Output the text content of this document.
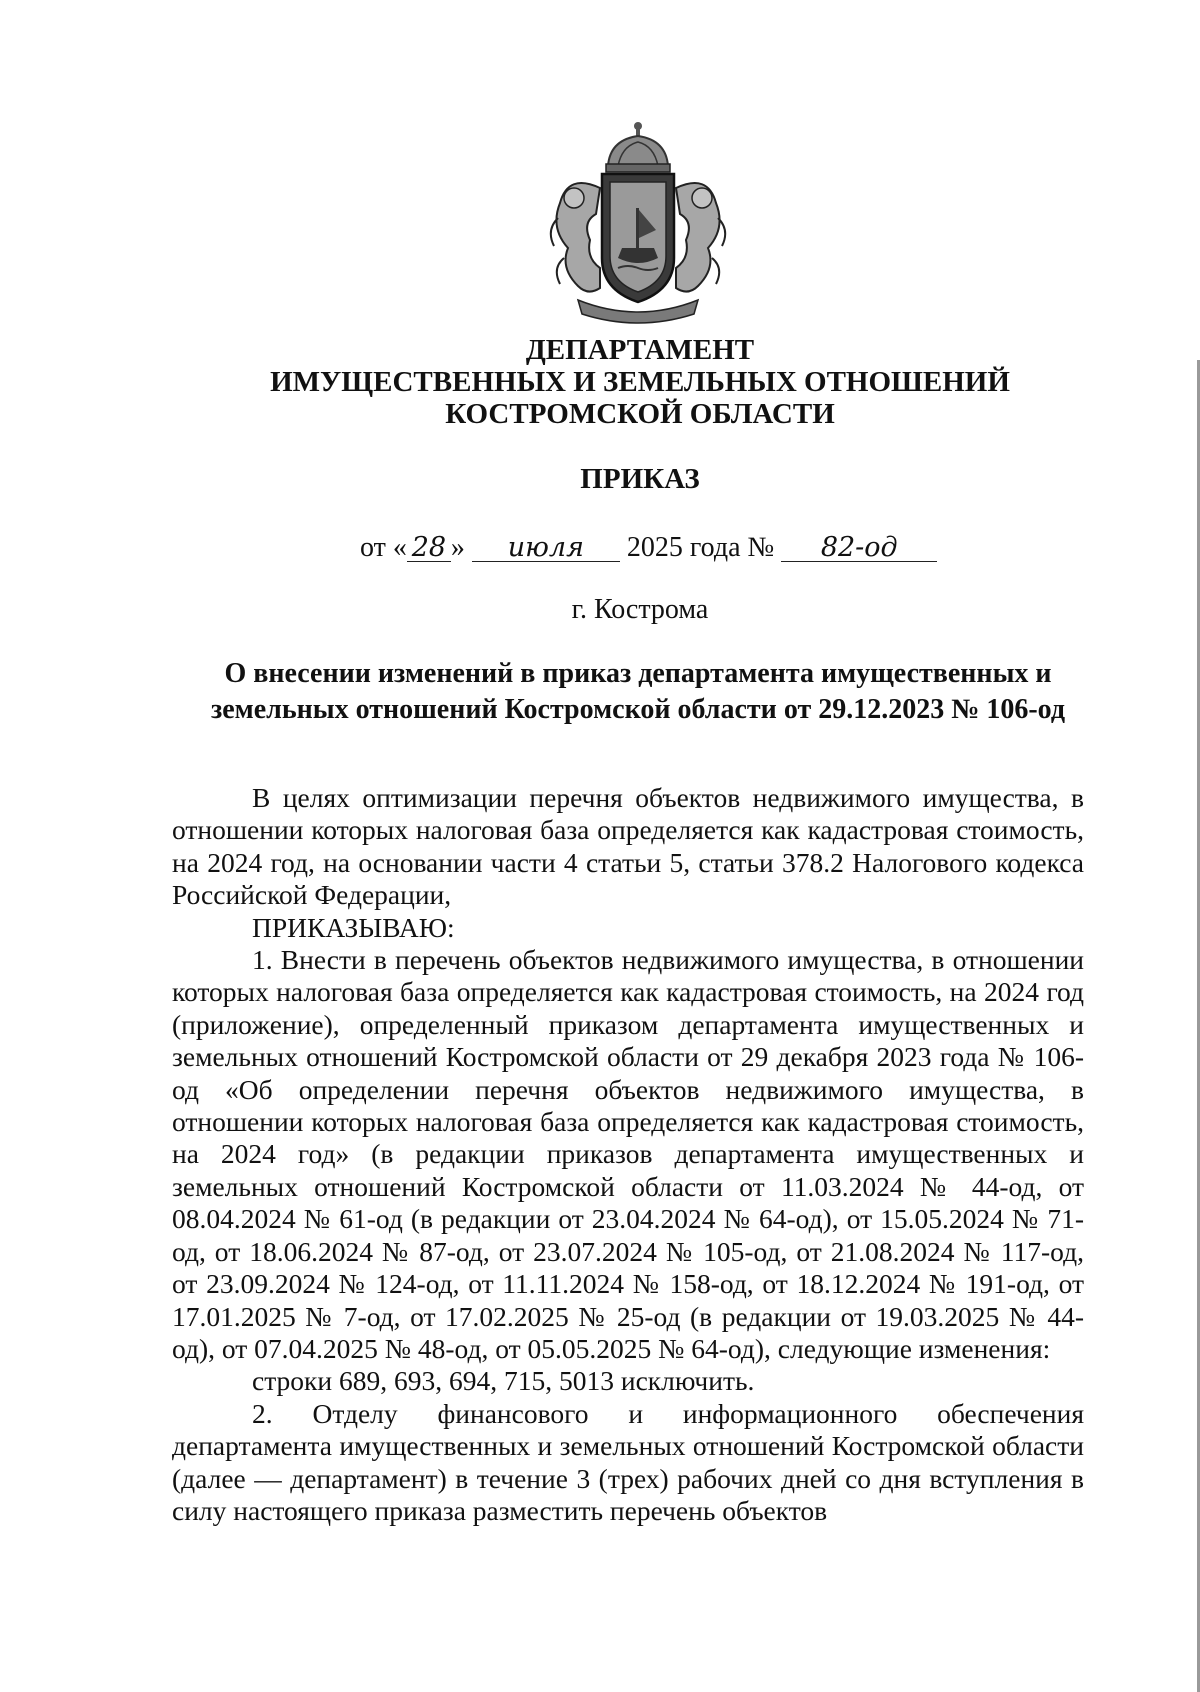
ДЕПАРТАМЕНТ
ИМУЩЕСТВЕННЫХ И ЗЕМЕЛЬНЫХ ОТНОШЕНИЙ
КОСТРОМСКОЙ ОБЛАСТИ
ПРИКАЗ
от « 28 » июля 2025 года № 82-од
г. Кострома
О внесении изменений в приказ департамента имущественных и земельных отношений Костромской области от 29.12.2023 № 106-од

В целях оптимизации перечня объектов недвижимого имущества, в отношении которых налоговая база определяется как кадастровая стоимость, на 2024 год, на основании части 4 статьи 5, статьи 378.2 Налогового кодекса Российской Федерации,

ПРИКАЗЫВАЮ:

1. Внести в перечень объектов недвижимого имущества, в отношении которых налоговая база определяется как кадастровая стоимость, на 2024 год (приложение), определенный приказом департамента имущественных и земельных отношений Костромской области от 29 декабря 2023 года № 106-од «Об определении перечня объектов недвижимого имущества, в отношении которых налоговая база определяется как кадастровая стоимость, на 2024 год» (в редакции приказов департамента имущественных и земельных отношений Костромской области от 11.03.2024 № 44-од, от 08.04.2024 № 61-од (в редакции от 23.04.2024 № 64-од), от 15.05.2024 № 71-од, от 18.06.2024 № 87-од, от 23.07.2024 № 105-од, от 21.08.2024 № 117-од, от 23.09.2024 № 124-од, от 11.11.2024 № 158-од, от 18.12.2024 № 191-од, от 17.01.2025 № 7-од, от 17.02.2025 № 25-од (в редакции от 19.03.2025 № 44-од), от 07.04.2025 № 48-од, от 05.05.2025 № 64-од), следующие изменения:

строки 689, 693, 694, 715, 5013 исключить.

2. Отделу финансового и информационного обеспечения департамента имущественных и земельных отношений Костромской области (далее — департамент) в течение 3 (трех) рабочих дней со дня вступления в силу настоящего приказа разместить перечень объектов
